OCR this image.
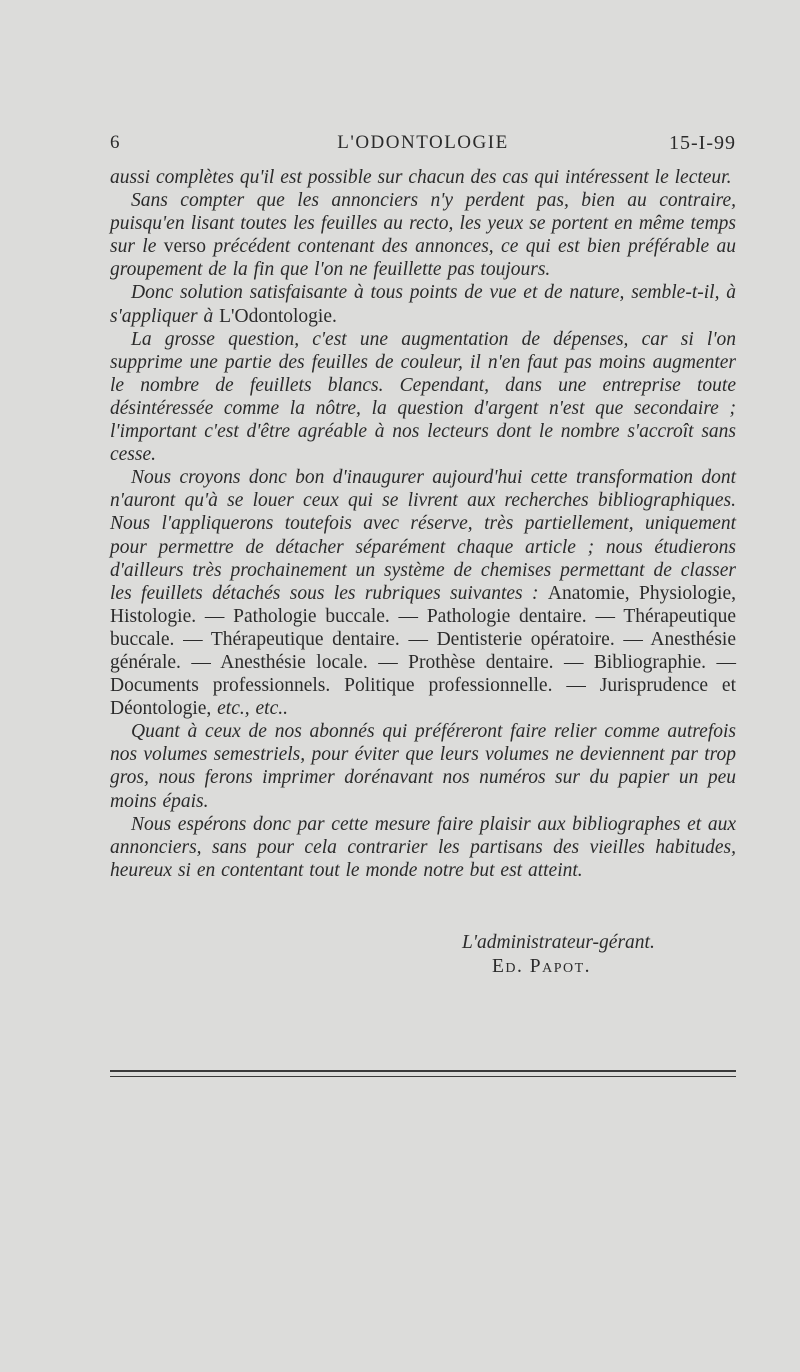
6	L'ODONTOLOGIE	15-I-99

aussi complètes qu'il est possible sur chacun des cas qui intéressent le lecteur.

Sans compter que les annonciers n'y perdent pas, bien au contraire, puisqu'en lisant toutes les feuilles au recto, les yeux se portent en même temps sur le verso précédent contenant des annonces, ce qui est bien préférable au groupement de la fin que l'on ne feuillette pas toujours.

Donc solution satisfaisante à tous points de vue et de nature, semble-t-il, à s'appliquer à L'Odontologie.

La grosse question, c'est une augmentation de dépenses, car si l'on supprime une partie des feuilles de couleur, il n'en faut pas moins augmenter le nombre de feuillets blancs. Cependant, dans une entreprise toute désintéressée comme la nôtre, la question d'argent n'est que secondaire ; l'important c'est d'être agréable à nos lecteurs dont le nombre s'accroît sans cesse.

Nous croyons donc bon d'inaugurer aujourd'hui cette transformation dont n'auront qu'à se louer ceux qui se livrent aux recherches bibliographiques. Nous l'appliquerons toutefois avec réserve, très partiellement, uniquement pour permettre de détacher séparément chaque article ; nous étudierons d'ailleurs très prochainement un système de chemises permettant de classer les feuillets détachés sous les rubriques suivantes : Anatomie, Physiologie, Histologie. — Pathologie buccale. — Pathologie dentaire. — Thérapeutique buccale. — Thérapeutique dentaire. — Dentisterie opératoire. — Anesthésie générale. — Anesthésie locale. — Prothèse dentaire. — Bibliographie. — Documents professionnels. Politique professionnelle. — Jurisprudence et Déontologie, etc., etc..

Quant à ceux de nos abonnés qui préféreront faire relier comme autrefois nos volumes semestriels, pour éviter que leurs volumes ne deviennent par trop gros, nous ferons imprimer dorénavant nos numéros sur du papier un peu moins épais.

Nous espérons donc par cette mesure faire plaisir aux bibliographes et aux annonciers, sans pour cela contrarier les partisans des vieilles habitudes, heureux si en contentant tout le monde notre but est atteint.

L'administrateur-gérant.
Ed. Papot.
